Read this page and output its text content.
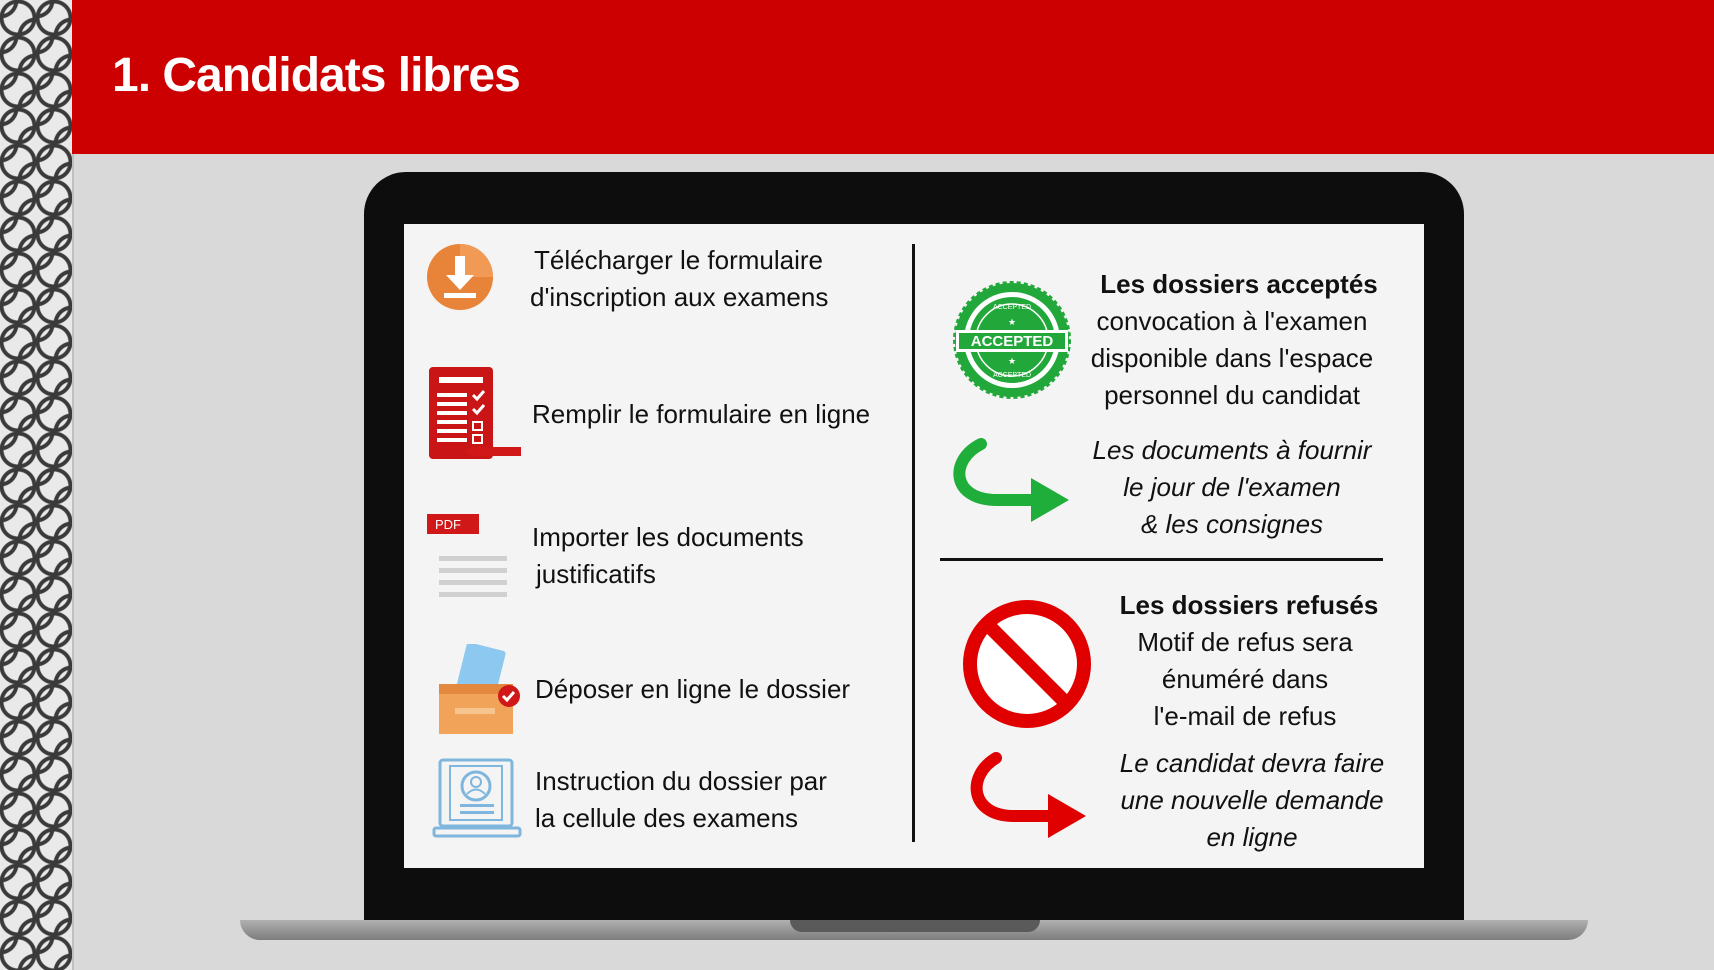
1. Candidats libres

Télécharger le formulaire
d'inscription aux examens

Remplir le formulaire en ligne

PDF	Importer les documents
justificatifs

Déposer en ligne le dossier

Instruction du dossier par
la cellule des examens

ACCEPTED
ACCEPTED
ACCEPTED
★
★

Les dossiers acceptés
convocation à l'examen
disponible dans l'espace
personnel du candidat

Les documents à fournir
le jour de l'examen
& les consignes

Les dossiers refusés
Motif de refus sera
énuméré dans
l'e-mail de refus

Le candidat devra faire
une nouvelle demande
en ligne
